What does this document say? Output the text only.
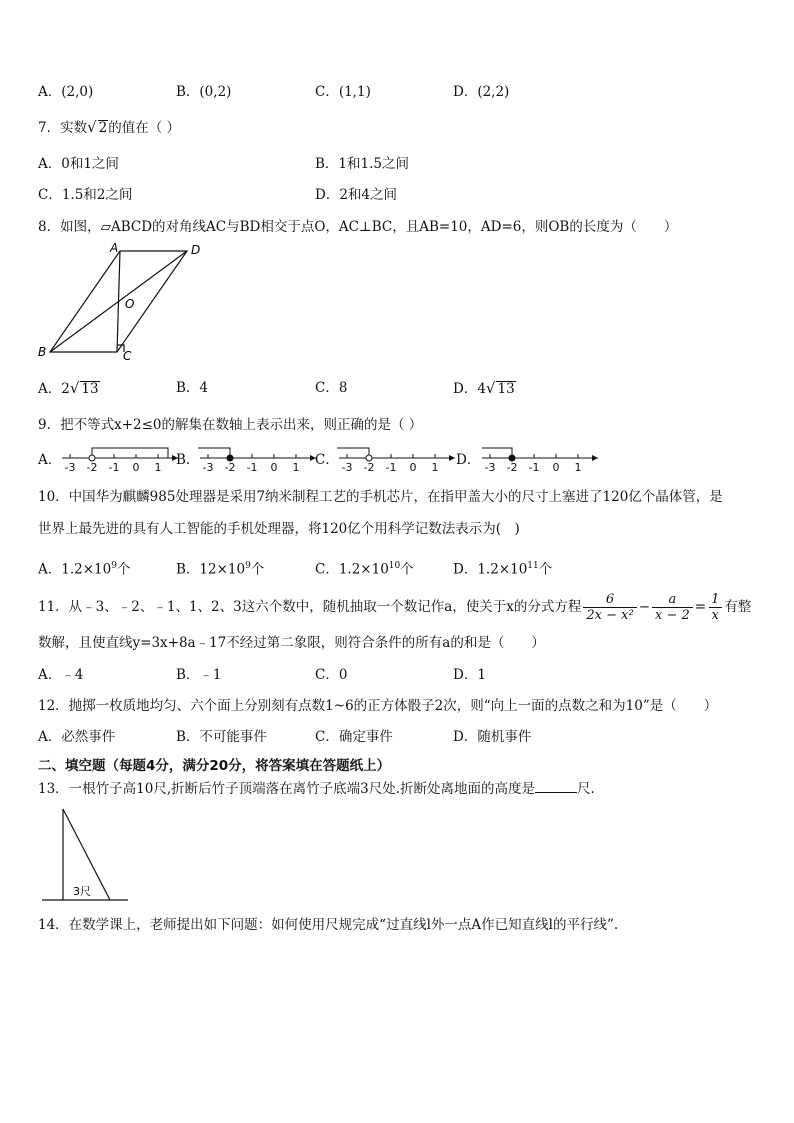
A．(2,0)	B．(0,2)	C．(1,1)	D．(2,2)
7．实数√ 2的值在（ ）
A．0和1之间	B．1和1.5之间
C．1.5和2之间	D．2和4之间
8．如图，▱ABCD的对角线AC与BD相交于点O，AC⊥BC，且AB=10，AD=6，则OB的长度为（　　）
A	D
O
B	C
A．2√ 13	B．4	C．8	D．4√ 13
9．把不等式x+2≤0的解集在数轴上表示出来，则正确的是（ ）
A． -3 -2 -1 0 1 B． -3 -2 -1 0 1 C． -3 -2 -1 0 1 D． -3 -2 -1 0 1
10．中国华为麒麟985处理器是采用7纳米制程工艺的手机芯片，在指甲盖大小的尺寸上塞进了120亿个晶体管，是
世界上最先进的具有人工智能的手机处理器，将120亿个用科学记数法表示为(　)
A．$1.2\times 10^9$个	B．$12\times 10^9$个	C．$1.2\times 10^{10}$个	D．$1.2\times 10^{11}$个
11．从﹣3、﹣2、﹣1、1、2、3这六个数中，随机抽取一个数记作a，使关于x的分式方程 $\frac{6}{\text{2x − x²}} - \frac{a}{x - 2} = \frac{1}{x}$ 有整
数解，且使直线y=3x+8a﹣17不经过第二象限，则符合条件的所有a的和是（　　）
A．﹣4	B．﹣1	C．0	D．1
12．抛掷一枚质地均匀、六个面上分别刻有点数1~6的正方体骰子2次，则“向上一面的点数之和为10”是（　　）
A．必然事件	B．不可能事件	C．确定事件	D．随机事件
二、填空题（每题4分，满分20分，将答案填在答题纸上）
13．一根竹子高10尺,折断后竹子顶端落在离竹子底端3尺处.折断处离地面的高度是	尺.
3尺
14．在数学课上，老师提出如下问题：如何使用尺规完成“过直线l外一点A作已知直线l的平行线”.
